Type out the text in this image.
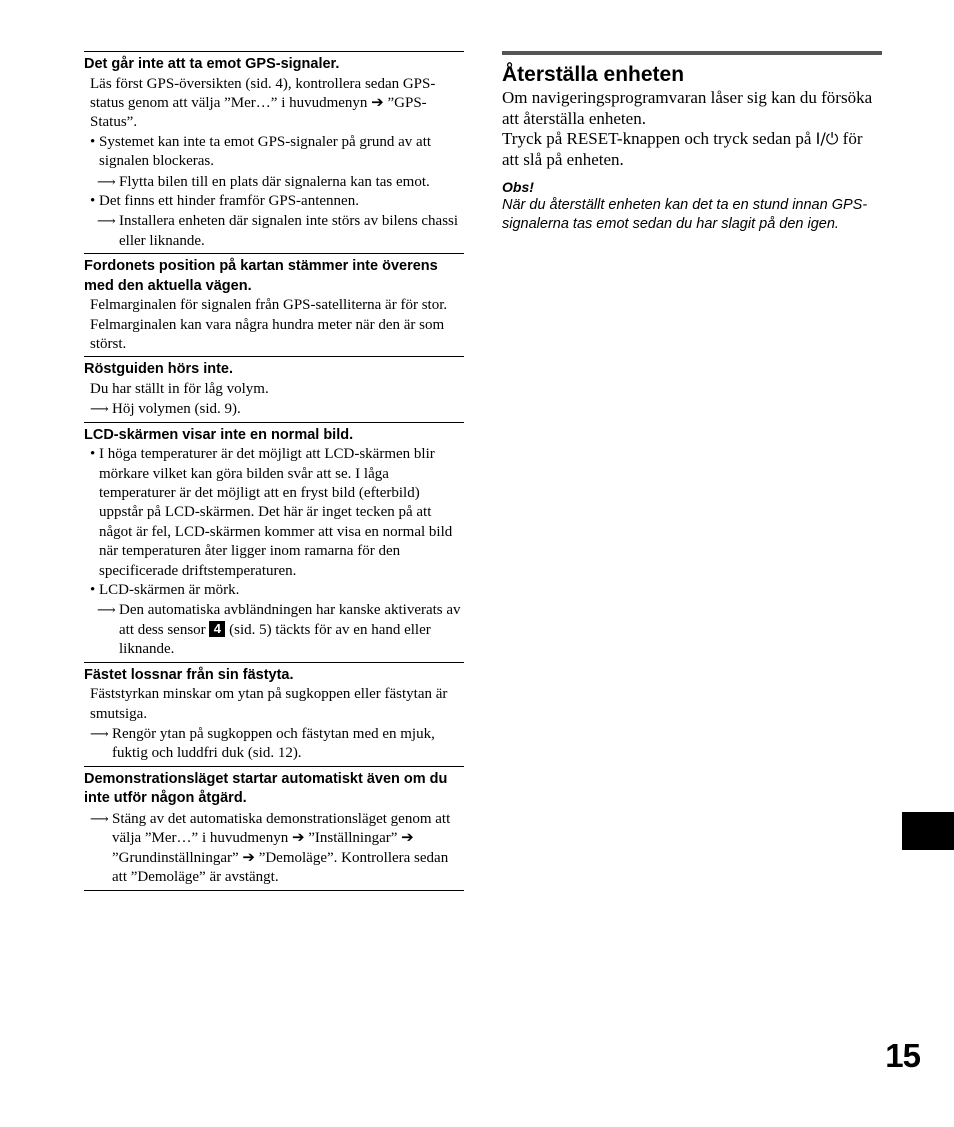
Det går inte att ta emot GPS-signaler.
Läs först GPS-översikten (sid. 4), kontrollera sedan GPS-status genom att välja ”Mer…” i huvudmenyn ➔ ”GPS-Status”.
• Systemet kan inte ta emot GPS-signaler på grund av att signalen blockeras.
⟶ Flytta bilen till en plats där signalerna kan tas emot.
• Det finns ett hinder framför GPS-antennen.
⟶ Installera enheten där signalen inte störs av bilens chassi eller liknande.
Fordonets position på kartan stämmer inte överens med den aktuella vägen.
Felmarginalen för signalen från GPS-satelliterna är för stor. Felmarginalen kan vara några hundra meter när den är som störst.
Röstguiden hörs inte.
Du har ställt in för låg volym.
⟶ Höj volymen (sid. 9).
LCD-skärmen visar inte en normal bild.
• I höga temperaturer är det möjligt att LCD-skärmen blir mörkare vilket kan göra bilden svår att se. I låga temperaturer är det möjligt att en fryst bild (efterbild) uppstår på LCD-skärmen. Det här är inget tecken på att något är fel, LCD-skärmen kommer att visa en normal bild när temperaturen åter ligger inom ramarna för den specificerade driftstemperaturen.
• LCD-skärmen är mörk.
⟶ Den automatiska avbländningen har kanske aktiverats av att dess sensor 4 (sid. 5) täckts för av en hand eller liknande.
Fästet lossnar från sin fästyta.
Fäststyrkan minskar om ytan på sugkoppen eller fästytan är smutsiga.
⟶ Rengör ytan på sugkoppen och fästytan med en mjuk, fuktig och luddfri duk (sid. 12).
Demonstrationsläget startar automatiskt även om du inte utför någon åtgärd.
⟶ Stäng av det automatiska demonstrationsläget genom att välja ”Mer…” i huvudmenyn ➔ ”Inställningar” ➔ ”Grundinställningar” ➔ ”Demoläge”. Kontrollera sedan att ”Demoläge” är avstängt.
Återställa enheten
Om navigeringsprogramvaran låser sig kan du försöka att återställa enheten.
Tryck på RESET-knappen och tryck sedan på I/⏻ för att slå på enheten.
Obs!
När du återställt enheten kan det ta en stund innan GPS-signalerna tas emot sedan du har slagit på den igen.
15
